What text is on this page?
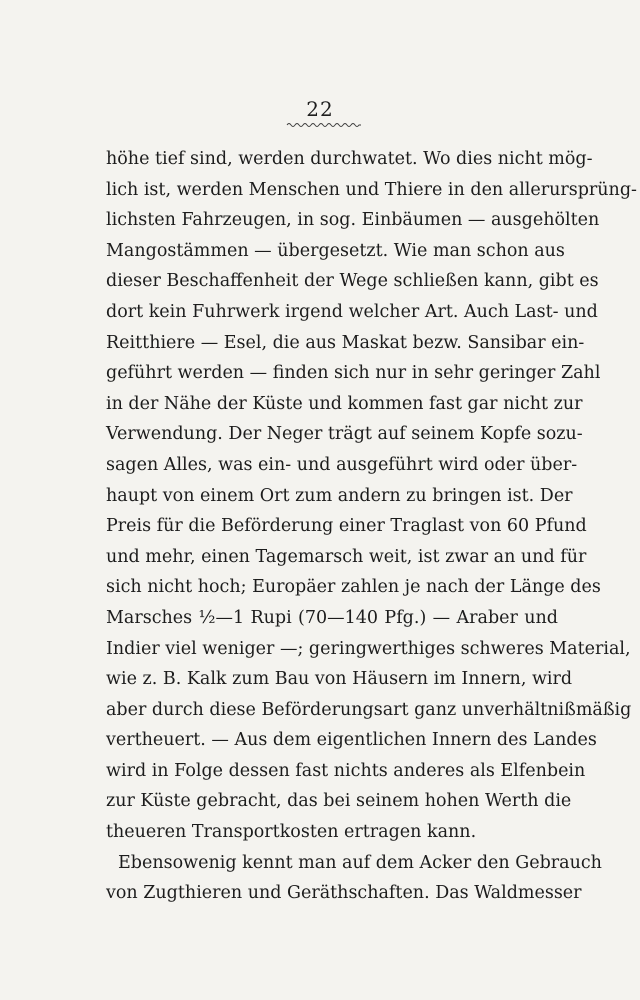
22
höhe tief sind, werden durchwatet. Wo dies nicht mög-
lich ist, werden Menschen und Thiere in den allerursprüng-
lichsten Fahrzeugen, in sog. Einbäumen — ausgehölten
Mangostämmen — übergesetzt. Wie man schon aus
dieser Beschaffenheit der Wege schließen kann, gibt es
dort kein Fuhrwerk irgend welcher Art. Auch Last- und
Reitthiere — Esel, die aus Maskat bezw. Sansibar ein-
geführt werden — finden sich nur in sehr geringer Zahl
in der Nähe der Küste und kommen fast gar nicht zur
Verwendung. Der Neger trägt auf seinem Kopfe sozu-
sagen Alles, was ein- und ausgeführt wird oder über-
haupt von einem Ort zum andern zu bringen ist. Der
Preis für die Beförderung einer Traglast von 60 Pfund
und mehr, einen Tagemarsch weit, ist zwar an und für
sich nicht hoch; Europäer zahlen je nach der Länge des
Marsches ½—1 Rupi (70—140 Pfg.) — Araber und
Indier viel weniger —; geringwerthiges schweres Material,
wie z. B. Kalk zum Bau von Häusern im Innern, wird
aber durch diese Beförderungsart ganz unverhältnißmäßig
vertheuert. — Aus dem eigentlichen Innern des Landes
wird in Folge dessen fast nichts anderes als Elfenbein
zur Küste gebracht, das bei seinem hohen Werth die
theueren Transportkosten ertragen kann.
Ebensowenig kennt man auf dem Acker den Gebrauch
von Zugthieren und Geräthschaften. Das Waldmesser
